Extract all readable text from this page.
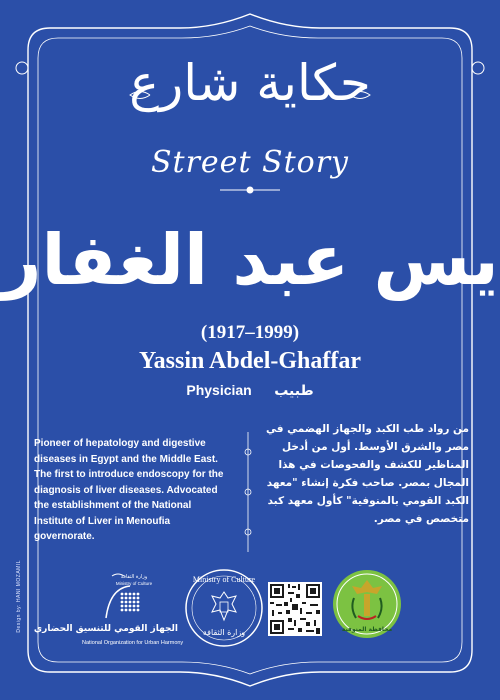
حكاية شارع
Street Story
يس عبد الغفار
(1917–1999)
Yassin Abdel-Ghaffar
Physician طبيب
Pioneer of hepatology and digestive diseases in Egypt and the Middle East. The first to introduce endoscopy for the diagnosis of liver diseases. Advocated the establishment of the National Institute of Liver in Menoufia governorate.
من رواد طب الكبد والجهاز الهضمي في مصر والشرق الأوسط. أول من أدخل المناظير للكشف والفحوصات في هذا المجال بمصر. صاحب فكرة إنشاء "معهد الكبد القومي بالمنوفية" كأول معهد كبد متخصص في مصر.
Design by: HANI MOZAMIL	وزارة الثقافة
Ministry of Culture
الجهاز القومي للتنسيق الحضاري
National Organization for Urban Harmony
Ministry of Culture
وزارة الثقافة	محافظة المنوفية
